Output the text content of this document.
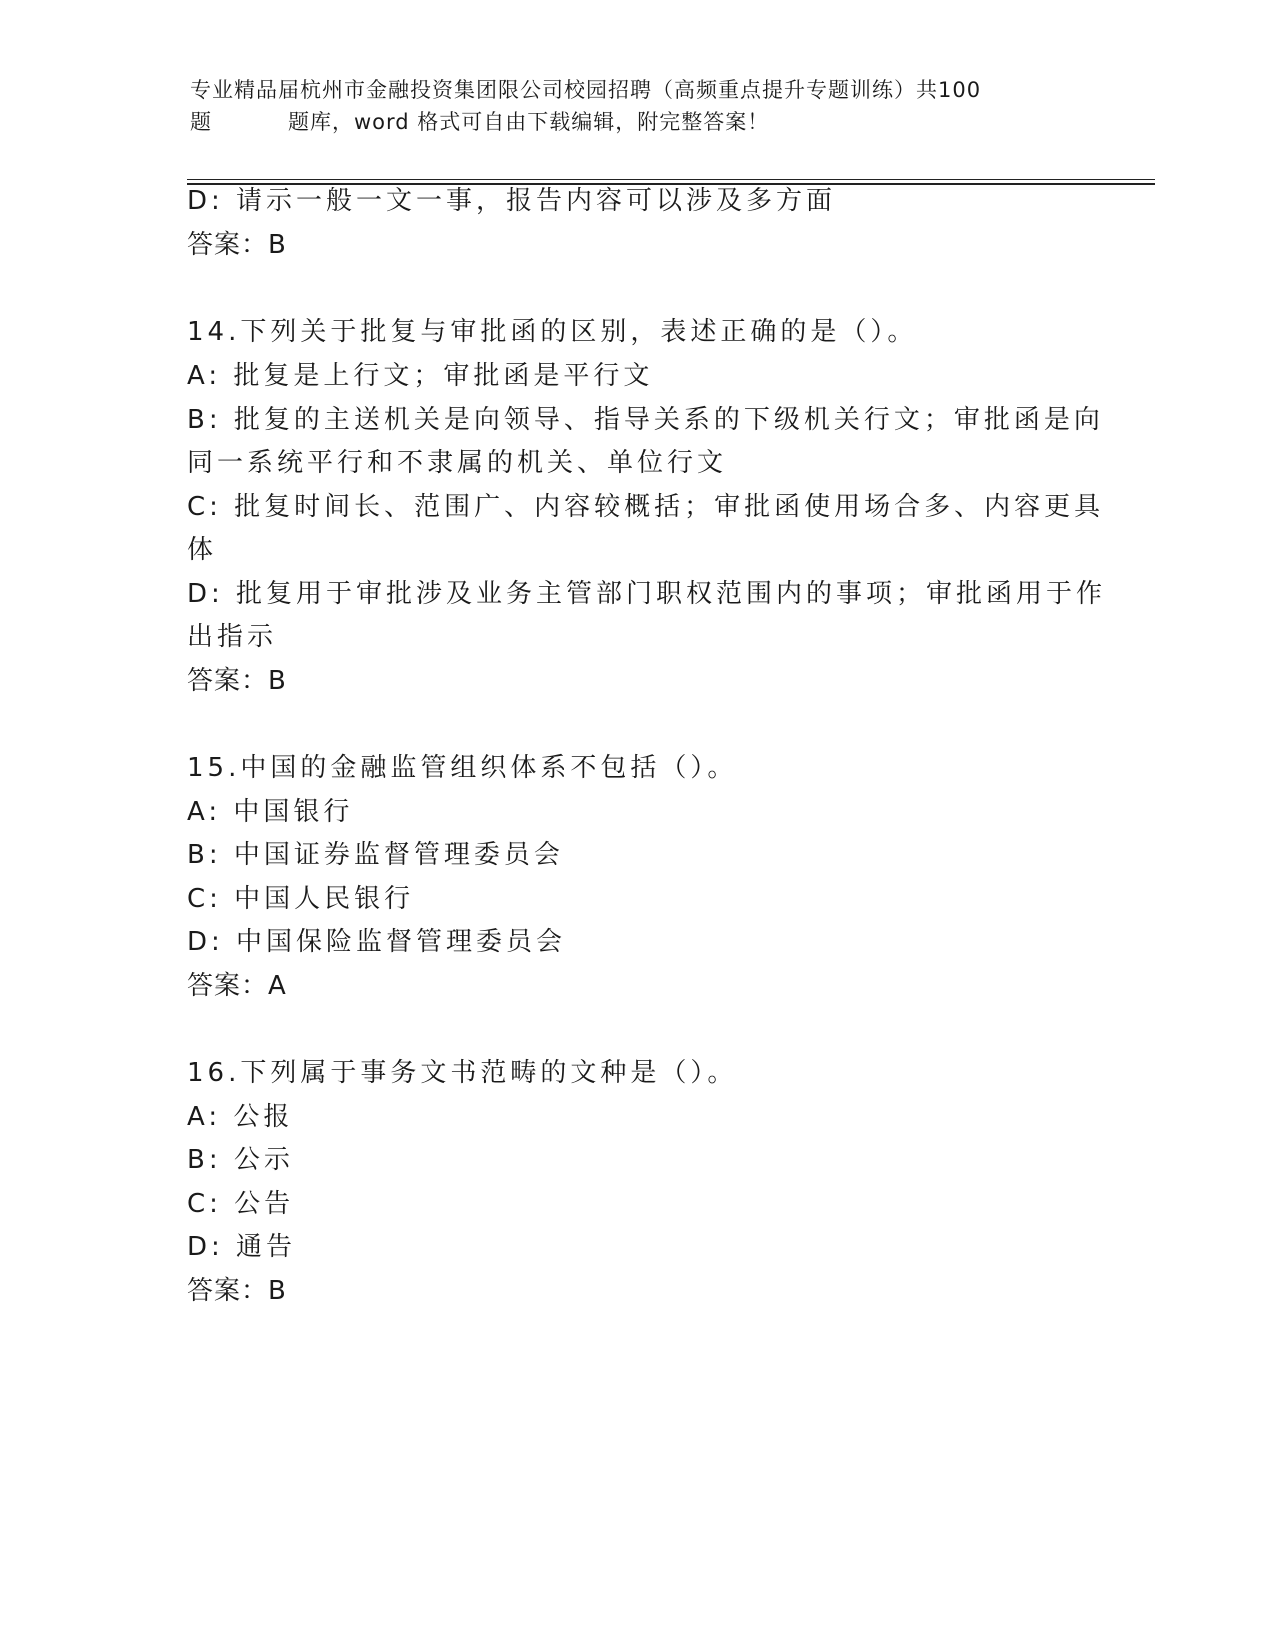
专业精品届杭州市金融投资集团限公司校园招聘（高频重点提升专题训练）共100
题	题库，word 格式可自由下载编辑，附完整答案！
D: 请示一般一文一事，报告内容可以涉及多方面
答案：B
14.下列关于批复与审批函的区别，表述正确的是（）。
A: 批复是上行文；审批函是平行文
B: 批复的主送机关是向领导、指导关系的下级机关行文；审批函是向
同一系统平行和不隶属的机关、单位行文
C: 批复时间长、范围广、内容较概括；审批函使用场合多、内容更具
体
D: 批复用于审批涉及业务主管部门职权范围内的事项；审批函用于作
出指示
答案：B
15.中国的金融监管组织体系不包括（）。
A: 中国银行
B: 中国证券监督管理委员会
C: 中国人民银行
D: 中国保险监督管理委员会
答案：A
16.下列属于事务文书范畴的文种是（）。
A: 公报
B: 公示
C: 公告
D: 通告
答案：B
